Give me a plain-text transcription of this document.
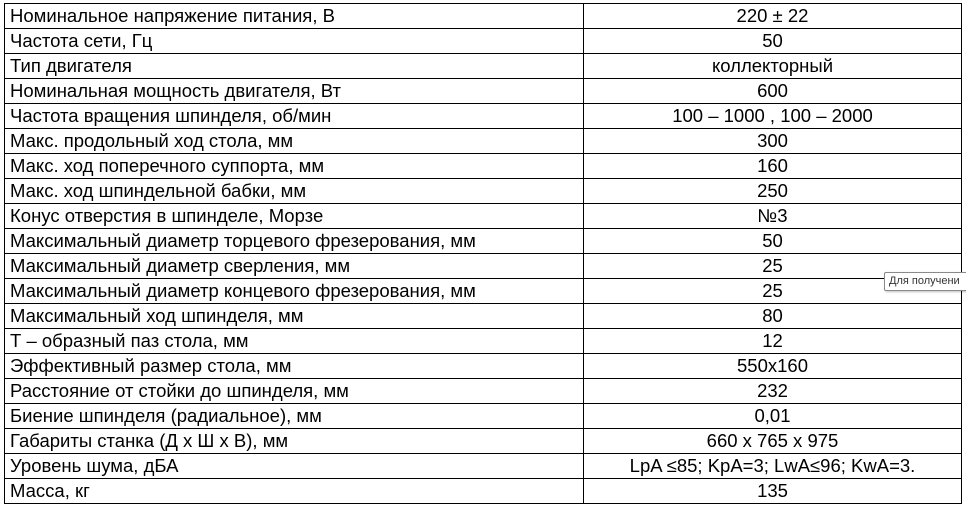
Номинальное напряжение питания, В	220 ± 22
Частота сети, Гц	50
Тип двигателя	коллекторный
Номинальная мощность двигателя, Вт	600
Частота вращения шпинделя, об/мин	100 – 1000 , 100 – 2000
Макс. продольный ход стола, мм	300
Макс. ход поперечного суппорта, мм	160
Макс. ход шпиндельной бабки, мм	250
Конус отверстия в шпинделе, Морзе	№3
Максимальный диаметр торцевого фрезерования, мм	50
Максимальный диаметр сверления, мм	25
Максимальный диаметр концевого фрезерования, мм	25
Максимальный ход шпинделя, мм	80
Т – образный паз стола, мм	12
Эффективный размер стола, мм	550х160
Расстояние от стойки до шпинделя, мм	232
Биение шпинделя (радиальное), мм	0,01
Габариты станка (Д х Ш х В), мм	660 х 765 х 975
Уровень шума, дБА	LpA ≤85; KpA=3; LwA≤96; KwA=3.
Масса, кг	135
Для получени
